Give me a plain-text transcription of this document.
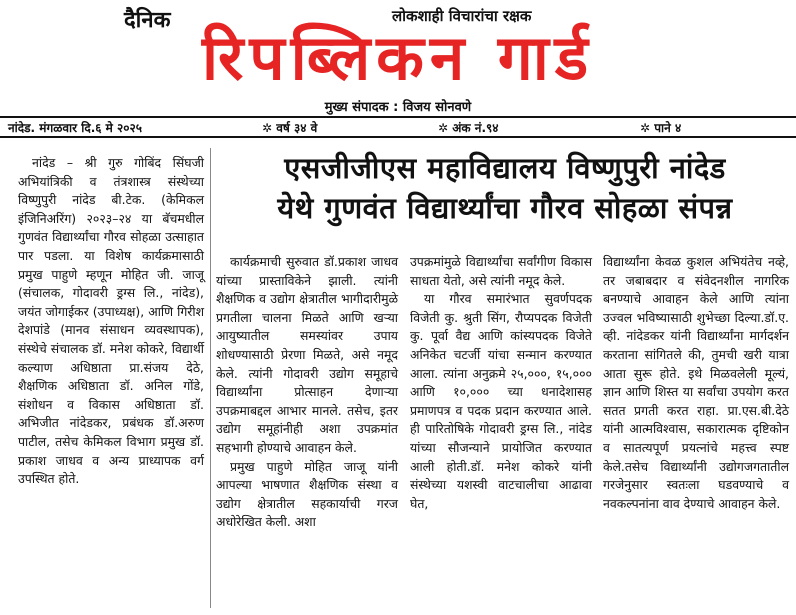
दैनिक	लोकशाही विचारांचा रक्षक
रिपब्लिकन गार्ड
मुख्य संपादक : विजय सोनवणे
नांदेड. मंगळवार दि.६ मे २०२५	✲ वर्ष ३४ वे	✲ अंक नं.९४	✲ पाने ४

नांदेड – श्री गुरु गोबिंद सिंघजी अभियांत्रिकी व तंत्रशास्त्र संस्थेच्या विष्णुपुरी नांदेड बी.टेक. (केमिकल इंजिनिअरिंग) २०२३–२४ या बॅचमधील गुणवंत विद्यार्थ्यांचा गौरव सोहळा उत्साहात पार पडला. या विशेष कार्यक्रमासाठी प्रमुख पाहुणे म्हणून मोहित जी. जाजू (संचालक, गोदावरी ड्रग्स लि., नांदेड), जयंत जोगाईकर (उपाध्यक्ष), आणि गिरीश देशपांडे (मानव संसाधन व्यवस्थापक), संस्थेचे संचालक डॉ. मनेश कोकरे, विद्यार्थी कल्याण अधिष्ठाता प्रा.संजय देठे, शैक्षणिक अधिष्ठाता डॉ. अनिल गोंडे, संशोधन व विकास अधिष्ठाता डॉ. अभिजीत नांदेडकर, प्रबंधक डॉ.अरुण पाटील, तसेच केमिकल विभाग प्रमुख डॉ. प्रकाश जाधव व अन्य प्राध्यापक वर्ग उपस्थित होते.

एसजीजीएस महाविद्यालय विष्णुपुरी नांदेड
येथे गुणवंत विद्यार्थ्यांचा गौरव सोहळा संपन्न

कार्यक्रमाची सुरुवात डॉ.प्रकाश जाधव यांच्या प्रास्ताविकेने झाली. त्यांनी शैक्षणिक व उद्योग क्षेत्रातील भागीदारीमुळे प्रगतीला चालना मिळते आणि खऱ्या आयुष्यातील समस्यांवर उपाय शोधण्यासाठी प्रेरणा मिळते, असे नमूद केले. त्यांनी गोदावरी उद्योग समूहाचे विद्यार्थ्यांना प्रोत्साहन देणाऱ्या उपक्रमाबद्दल आभार मानले. तसेच, इतर उद्योग समूहांनीही अशा उपक्रमांत सहभागी होण्याचे आवाहन केले.

प्रमुख पाहुणे मोहित जाजू यांनी आपल्या भाषणात शैक्षणिक संस्था व उद्योग क्षेत्रातील सहकार्याची गरज अधोरेखित केली. अशा

उपक्रमांमुळे विद्यार्थ्यांचा सर्वांगीण विकास साधता येतो, असे त्यांनी नमूद केले.

या गौरव समारंभात सुवर्णपदक विजेती कु. श्रुती सिंग, रौप्यपदक विजेती कु. पूर्वा वैद्य आणि कांस्यपदक विजेते अनिकेत चटर्जी यांचा सन्मान करण्यात आला. त्यांना अनुक्रमे २५,०००, १५,००० आणि १०,००० च्या धनादेशासह प्रमाणपत्र व पदक प्रदान करण्यात आले. ही पारितोषिके गोदावरी ड्रग्स लि., नांदेड यांच्या सौजन्याने प्रायोजित करण्यात आली होती.डॉ. मनेश कोकरे यांनी संस्थेच्या यशस्वी वाटचालीचा आढावा घेत,

विद्यार्थ्यांना केवळ कुशल अभियंतेच नव्हे, तर जबाबदार व संवेदनशील नागरिक बनण्याचे आवाहन केले आणि त्यांना उज्वल भविष्यासाठी शुभेच्छा दिल्या.डॉ.ए. व्ही. नांदेडकर यांनी विद्यार्थ्यांना मार्गदर्शन करताना सांगितले की, तुमची खरी यात्रा आता सुरू होते. इथे मिळवलेली मूल्यं, ज्ञान आणि शिस्त या सर्वांचा उपयोग करत सतत प्रगती करत राहा. प्रा.एस.बी.देठे यांनी आत्मविश्वास, सकारात्मक दृष्टिकोन व सातत्यपूर्ण प्रयत्नांचे महत्त्व स्पष्ट केले.तसेच विद्यार्थ्यांनी उद्योगजगतातील गरजेनुसार स्वतःला घडवण्याचे व नवकल्पनांना वाव देण्याचे आवाहन केले.
